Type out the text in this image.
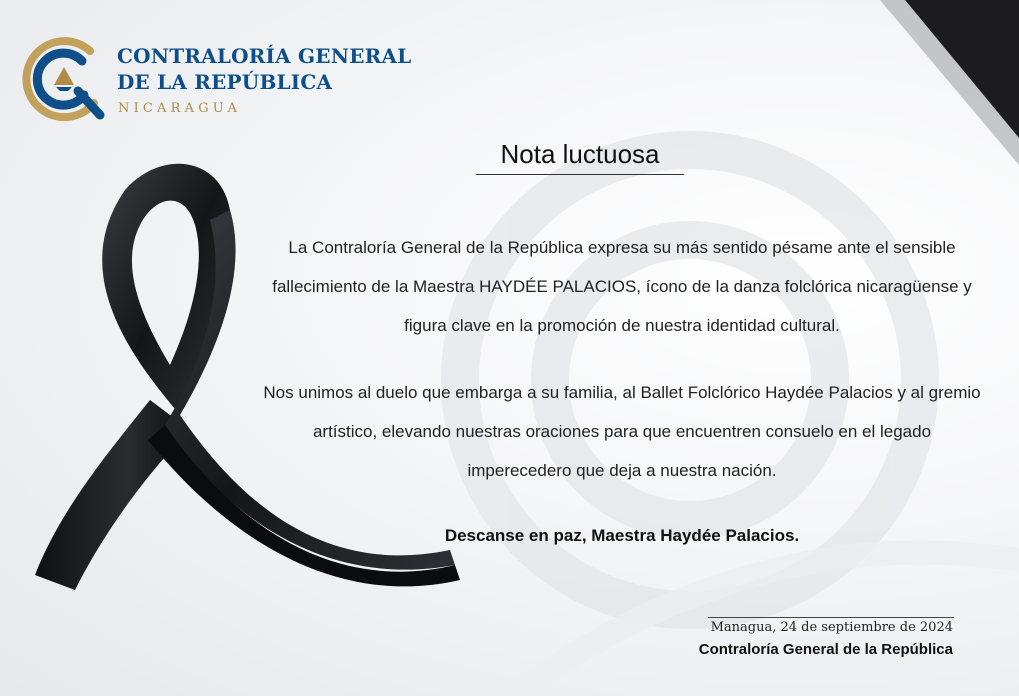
CONTRALORÍA GENERAL
DE LA REPÚBLICA
NICARAGUA
Nota luctuosa
La Contraloría General de la República expresa su más sentido pésame ante el sensible fallecimiento de la Maestra HAYDÉE PALACIOS, ícono de la danza folclórica nicaragüense y figura clave en la promoción de nuestra identidad cultural.
Nos unimos al duelo que embarga a su familia, al Ballet Folclórico Haydée Palacios y al gremio artístico, elevando nuestras oraciones para que encuentren consuelo en el legado imperecedero que deja a nuestra nación.
Descanse en paz, Maestra Haydée Palacios.
Managua, 24 de septiembre de 2024
Contraloría General de la República
